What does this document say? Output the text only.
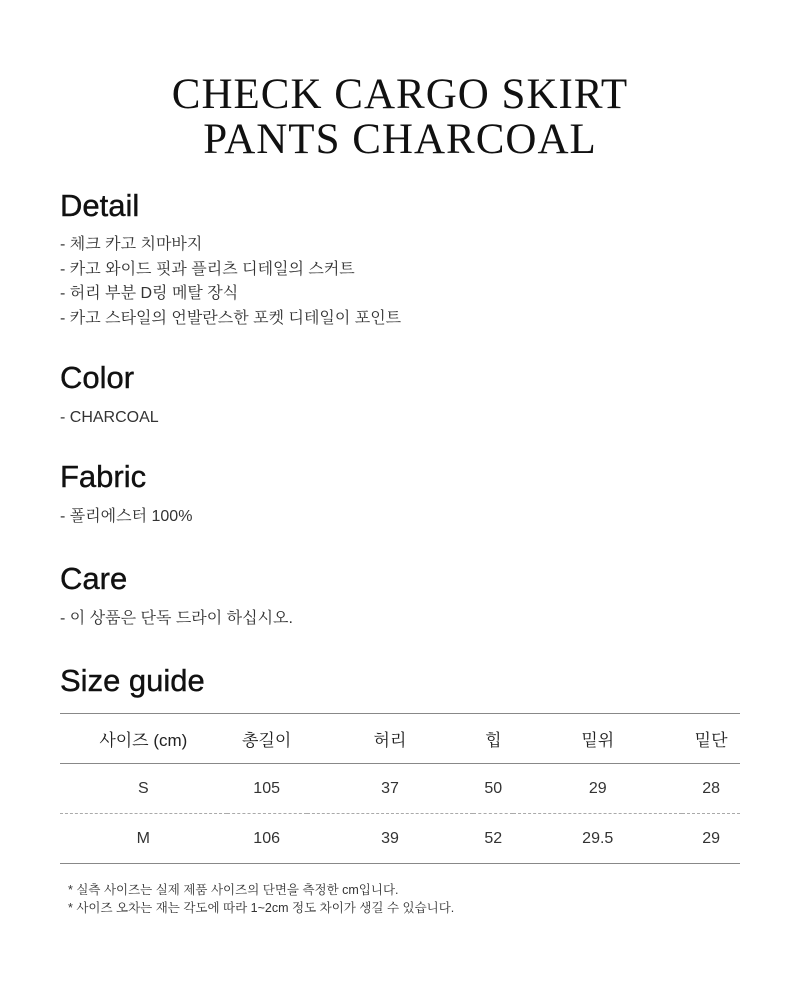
CHECK CARGO SKIRT
PANTS CHARCOAL
Detail
- 체크 카고 치마바지
- 카고 와이드 핏과 플리츠 디테일의 스커트
- 허리 부분 D링 메탈 장식
- 카고 스타일의 언발란스한 포켓 디테일이 포인트
Color
- CHARCOAL
Fabric
- 폴리에스터 100%
Care
- 이 상품은 단독 드라이 하십시오.
Size guide
사이즈 (cm)	총길이	허리	힙	밑위	밑단
S	105	37	50	29	28
M	106	39	52	29.5	29
* 실측 사이즈는 실제 제품 사이즈의 단면을 측정한 cm입니다.
* 사이즈 오차는 재는 각도에 따라 1~2cm 정도 차이가 생길 수 있습니다.
